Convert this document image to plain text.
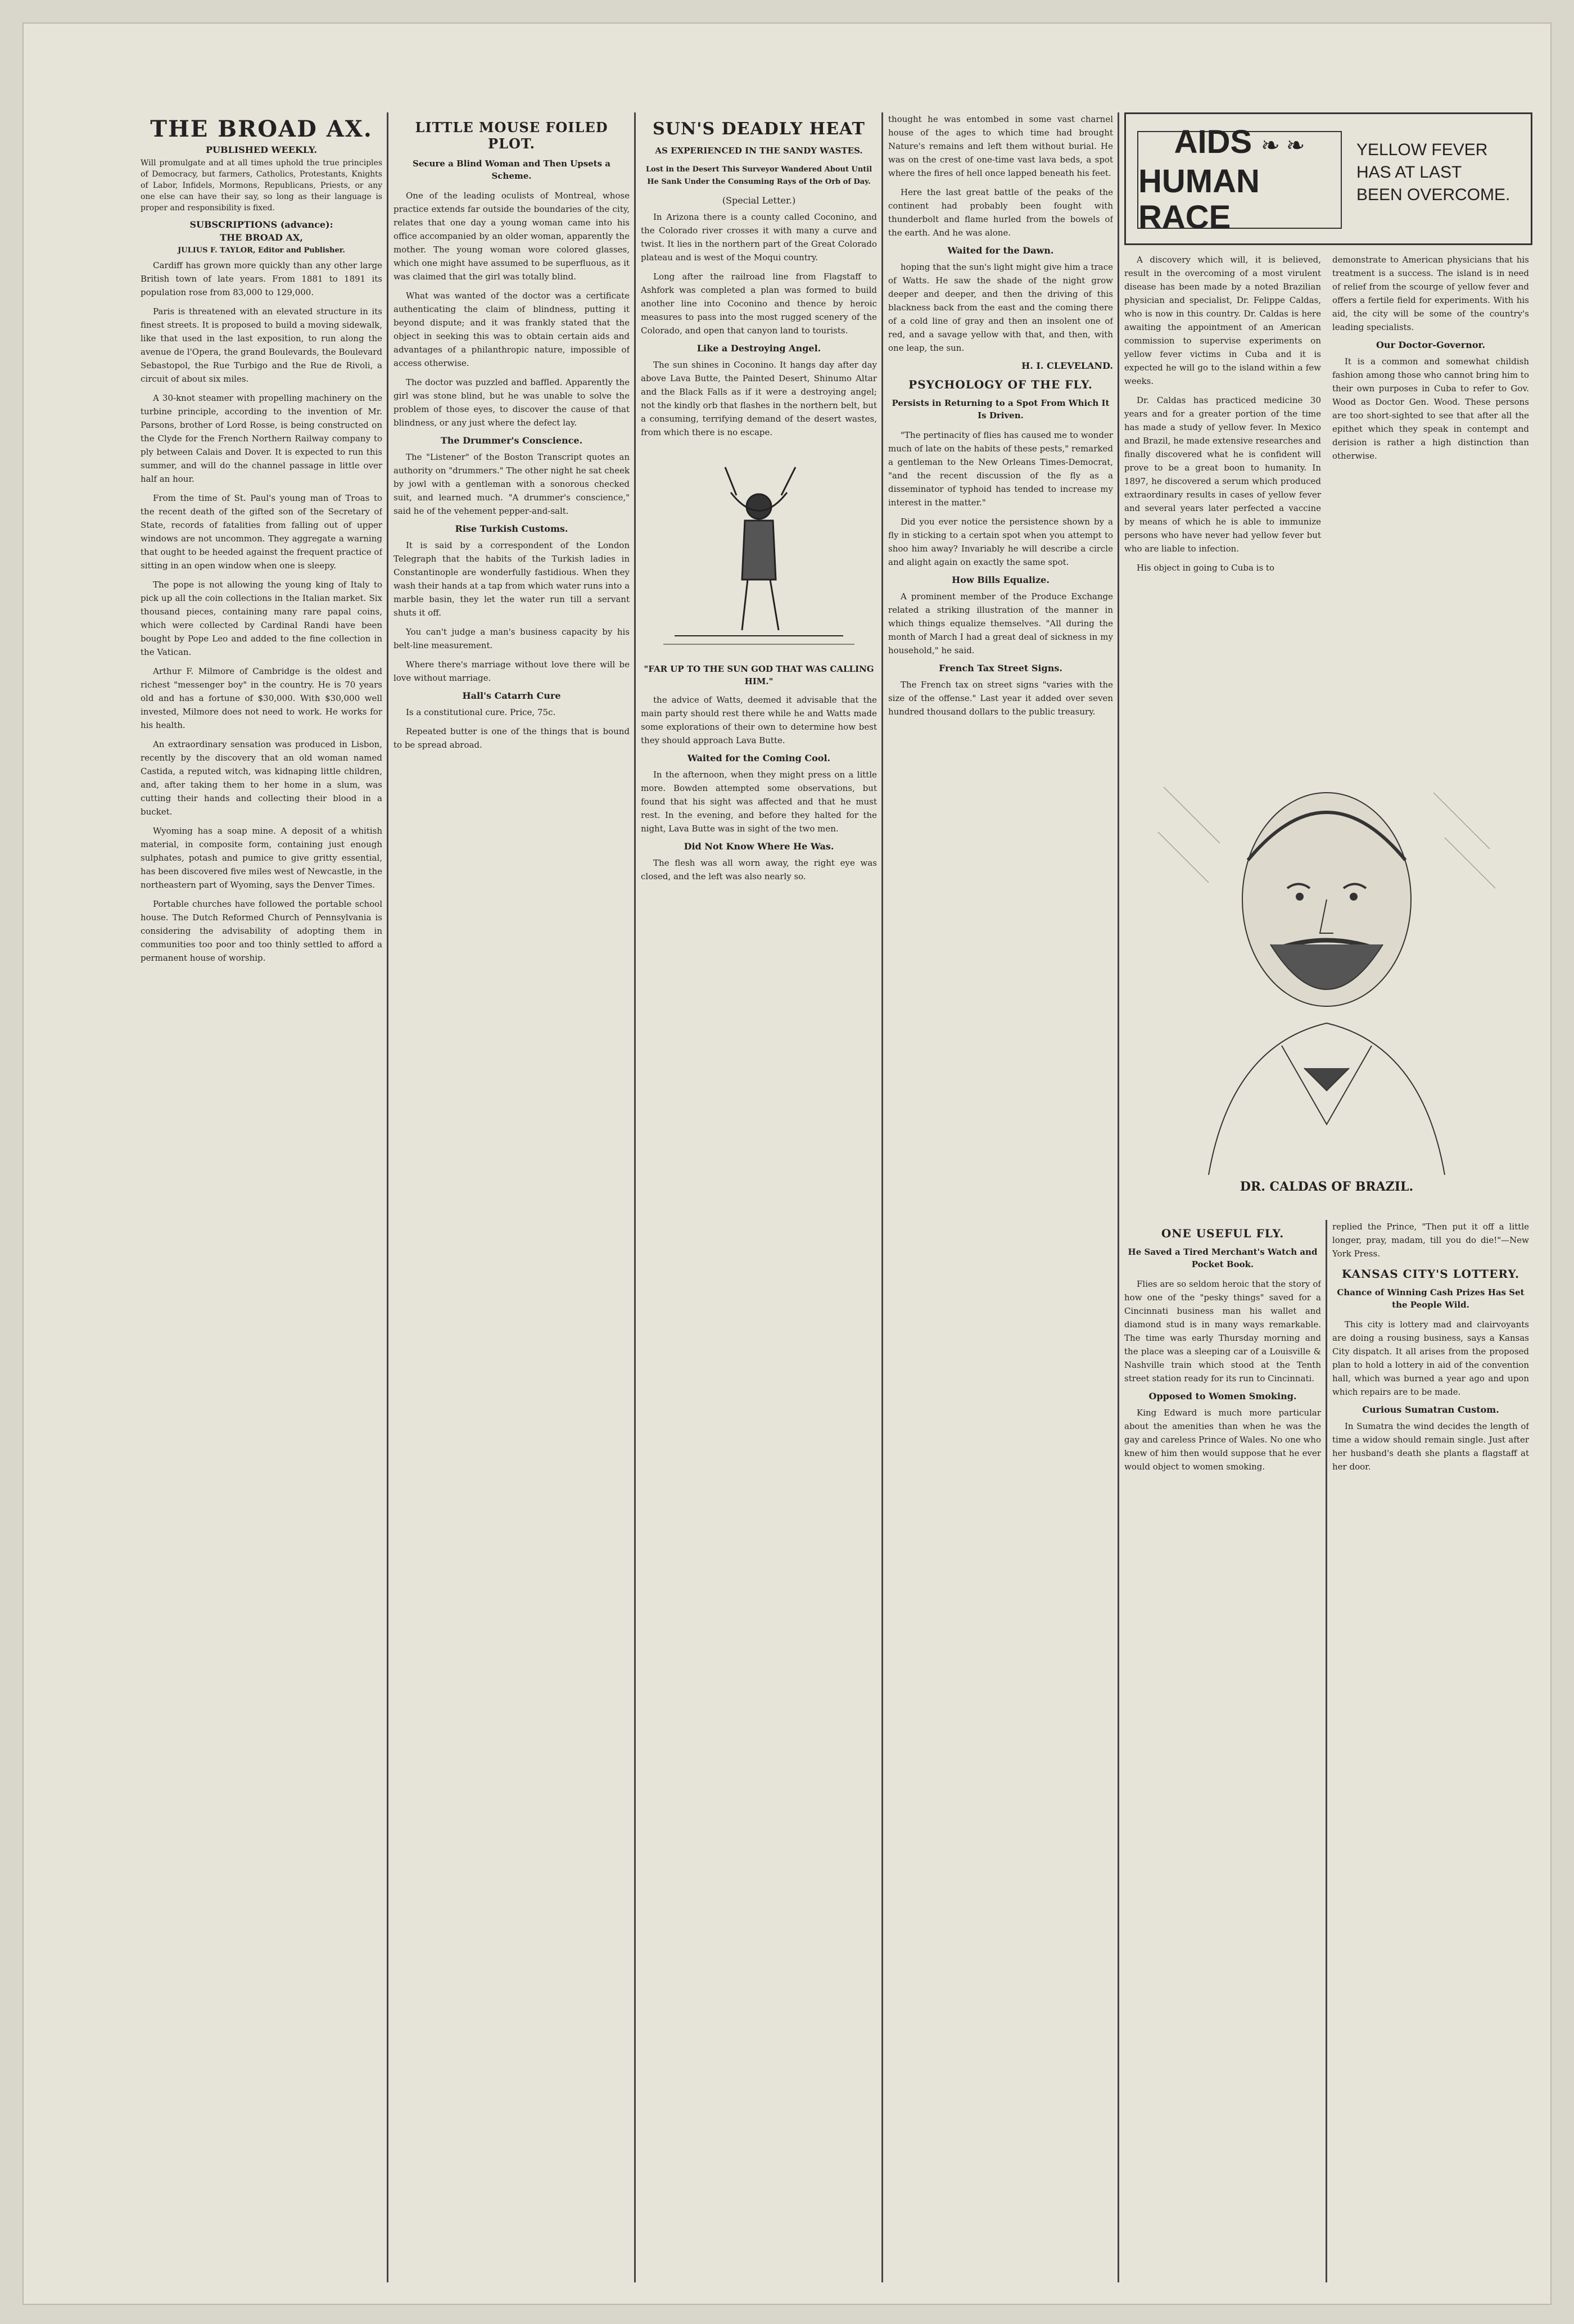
THE BROAD AX.
PUBLISHED WEEKLY.

Will promulgate and at all times uphold the true principles of Democracy, but farmers, Catholics, Protestants, Knights of Labor, Infidels, Mormons, Republicans, Priests, or any one else can have their say, so long as their language is proper and responsibility is fixed.

SUBSCRIPTIONS (advance):
THE BROAD AX,
JULIUS F. TAYLOR, Editor and Publisher.

Cardiff has grown more quickly than any other large British town of late years. From 1881 to 1891 its population rose from 83,000 to 129,000.

Paris is threatened with an elevated structure in its finest streets. It is proposed to build a moving sidewalk, like that used in the last exposition, to run along the avenue de l'Opera, the grand Boulevards, the Boulevard Sebastopol, the Rue Turbigo and the Rue de Rivoli, a circuit of about six miles.

A 30-knot steamer with propelling machinery on the turbine principle, according to the invention of Mr. Parsons, brother of Lord Rosse, is being constructed on the Clyde for the French Northern Railway company to ply between Calais and Dover. It is expected to run this summer, and will do the channel passage in little over half an hour.

From the time of St. Paul's young man of Troas to the recent death of the gifted son of the Secretary of State, records of fatalities from falling out of upper windows are not uncommon. They aggregate a warning that ought to be heeded against the frequent practice of sitting in an open window when one is sleepy.

The pope is not allowing the young king of Italy to pick up all the coin collections in the Italian market. Six thousand pieces, containing many rare papal coins, which were collected by Cardinal Randi have been bought by Pope Leo and added to the fine collection in the Vatican.

Arthur F. Milmore of Cambridge is the oldest and richest "messenger boy" in the country. He is 70 years old and has a fortune of $30,000. With $30,000 well invested, Milmore does not need to work. He works for his health.

An extraordinary sensation was produced in Lisbon, recently by the discovery that an old woman named Castida, a reputed witch, was kidnaping little children, and, after taking them to her home in a slum, was cutting their hands and collecting their blood in a bucket.

Wyoming has a soap mine. A deposit of a whitish material, in composite form, containing just enough sulphates, potash and pumice to give gritty essential, has been discovered five miles west of Newcastle, in the northeastern part of Wyoming, says the Denver Times.

Portable churches have followed the portable school house. The Dutch Reformed Church of Pennsylvania is considering the advisability of adopting them in communities too poor and too thinly settled to afford a permanent house of worship.

LITTLE MOUSE FOILED PLOT.
Secure a Blind Woman and Then Upsets a Scheme.

One of the leading oculists of Montreal, whose practice extends far outside the boundaries of the city, relates that one day a young woman came into his office accompanied by an older woman, apparently the mother. The young woman wore colored glasses, which one might have assumed to be superfluous, as it was claimed that the girl was totally blind.

What was wanted of the doctor was a certificate authenticating the claim of blindness, putting it beyond dispute; and it was frankly stated that the object in seeking this was to obtain certain aids and advantages of a philanthropic nature, impossible of access otherwise.

The doctor was puzzled and baffled. Apparently the girl was stone blind, but he was unable to solve the problem of those eyes, to discover the cause of that blindness, or any just where the defect lay.

The Drummer's Conscience.

The "Listener" of the Boston Transcript quotes an authority on "drummers." The other night he sat cheek by jowl with a gentleman with a sonorous checked suit, and learned much. "A drummer's conscience," said he of the vehement pepper-and-salt.

Rise Turkish Customs.

It is said by a correspondent of the London Telegraph that the habits of the Turkish ladies in Constantinople are wonderfully fastidious. When they wash their hands at a tap from which water runs into a marble basin, they let the water run till a servant shuts it off.

You can't judge a man's business capacity by his belt-line measurement.

Where there's marriage without love there will be love without marriage.

Hall's Catarrh Cure

Is a constitutional cure. Price, 75c.

Repeated butter is one of the things that is bound to be spread abroad.

SUN'S DEADLY HEAT
AS EXPERIENCED IN THE SANDY WASTES.
Lost in the Desert This Surveyor Wandered About Until He Sank Under the Consuming Rays of the Orb of Day.
(Special Letter.)

In Arizona there is a county called Coconino, and the Colorado river crosses it with many a curve and twist. It lies in the northern part of the Great Colorado plateau and is west of the Moqui country.

Long after the railroad line from Flagstaff to Ashfork was completed a plan was formed to build another line into Coconino and thence by heroic measures to pass into the most rugged scenery of the Colorado, and open that canyon land to tourists.

Like a Destroying Angel.

The sun shines in Coconino. It hangs day after day above Lava Butte, the Painted Desert, Shinumo Altar and the Black Falls as if it were a destroying angel; not the kindly orb that flashes in the northern belt, but a consuming, terrifying demand of the desert wastes, from which there is no escape.

"FAR UP TO THE SUN GOD THAT WAS CALLING HIM."

the advice of Watts, deemed it advisable that the main party should rest there while he and Watts made some explorations of their own to determine how best they should approach Lava Butte.

Waited for the Coming Cool.

In the afternoon, when they might press on a little more. Bowden attempted some observations, but found that his sight was affected and that he must rest. In the evening, and before they halted for the night, Lava Butte was in sight of the two men.

Did Not Know Where He Was.

The flesh was all worn away, the right eye was closed, and the left was also nearly so.

thought he was entombed in some vast charnel house of the ages to which time had brought Nature's remains and left them without burial. He was on the crest of one-time vast lava beds, a spot where the fires of hell once lapped beneath his feet.

Here the last great battle of the peaks of the continent had probably been fought with thunderbolt and flame hurled from the bowels of the earth. And he was alone.

Waited for the Dawn.

hoping that the sun's light might give him a trace of Watts. He saw the shade of the night grow deeper and deeper, and then the driving of this blackness back from the east and the coming there of a cold line of gray and then an insolent one of red, and a savage yellow with that, and then, with one leap, the sun.

H. I. CLEVELAND.
PSYCHOLOGY OF THE FLY.
Persists in Returning to a Spot From Which It Is Driven.

"The pertinacity of flies has caused me to wonder much of late on the habits of these pests," remarked a gentleman to the New Orleans Times-Democrat, "and the recent discussion of the fly as a disseminator of typhoid has tended to increase my interest in the matter."

Did you ever notice the persistence shown by a fly in sticking to a certain spot when you attempt to shoo him away? Invariably he will describe a circle and alight again on exactly the same spot.

How Bills Equalize.

A prominent member of the Produce Exchange related a striking illustration of the manner in which things equalize themselves. "All during the month of March I had a great deal of sickness in my household," he said.

French Tax Street Signs.

The French tax on street signs "varies with the size of the offense." Last year it added over seven hundred thousand dollars to the public treasury.

AIDS ❧ ❧
HUMAN RACE
YELLOW FEVER
HAS AT LAST
BEEN OVERCOME.

A discovery which will, it is believed, result in the overcoming of a most virulent disease has been made by a noted Brazilian physician and specialist, Dr. Felippe Caldas, who is now in this country. Dr. Caldas is here awaiting the appointment of an American commission to supervise experiments on yellow fever victims in Cuba and it is expected he will go to the island within a few weeks.

Dr. Caldas has practiced medicine 30 years and for a greater portion of the time has made a study of yellow fever. In Mexico and Brazil, he made extensive researches and finally discovered what he is confident will prove to be a great boon to humanity. In 1897, he discovered a serum which produced extraordinary results in cases of yellow fever and several years later perfected a vaccine by means of which he is able to immunize persons who have never had yellow fever but who are liable to infection.

His object in going to Cuba is to

demonstrate to American physicians that his treatment is a success. The island is in need of relief from the scourge of yellow fever and offers a fertile field for experiments. With his aid, the city will be some of the country's leading specialists.

Our Doctor-Governor.

It is a common and somewhat childish fashion among those who cannot bring him to their own purposes in Cuba to refer to Gov. Wood as Doctor Gen. Wood. These persons are too short-sighted to see that after all the epithet which they speak in contempt and derision is rather a high distinction than otherwise.

DR. CALDAS OF BRAZIL.
ONE USEFUL FLY.
He Saved a Tired Merchant's Watch and Pocket Book.

Flies are so seldom heroic that the story of how one of the "pesky things" saved for a Cincinnati business man his wallet and diamond stud is in many ways remarkable. The time was early Thursday morning and the place was a sleeping car of a Louisville & Nashville train which stood at the Tenth street station ready for its run to Cincinnati.

Opposed to Women Smoking.

King Edward is much more particular about the amenities than when he was the gay and careless Prince of Wales. No one who knew of him then would suppose that he ever would object to women smoking.

replied the Prince, "Then put it off a little longer, pray, madam, till you do die!"—New York Press.

KANSAS CITY'S LOTTERY.
Chance of Winning Cash Prizes Has Set the People Wild.

This city is lottery mad and clairvoyants are doing a rousing business, says a Kansas City dispatch. It all arises from the proposed plan to hold a lottery in aid of the convention hall, which was burned a year ago and upon which repairs are to be made.

Curious Sumatran Custom.

In Sumatra the wind decides the length of time a widow should remain single. Just after her husband's death she plants a flagstaff at her door.
